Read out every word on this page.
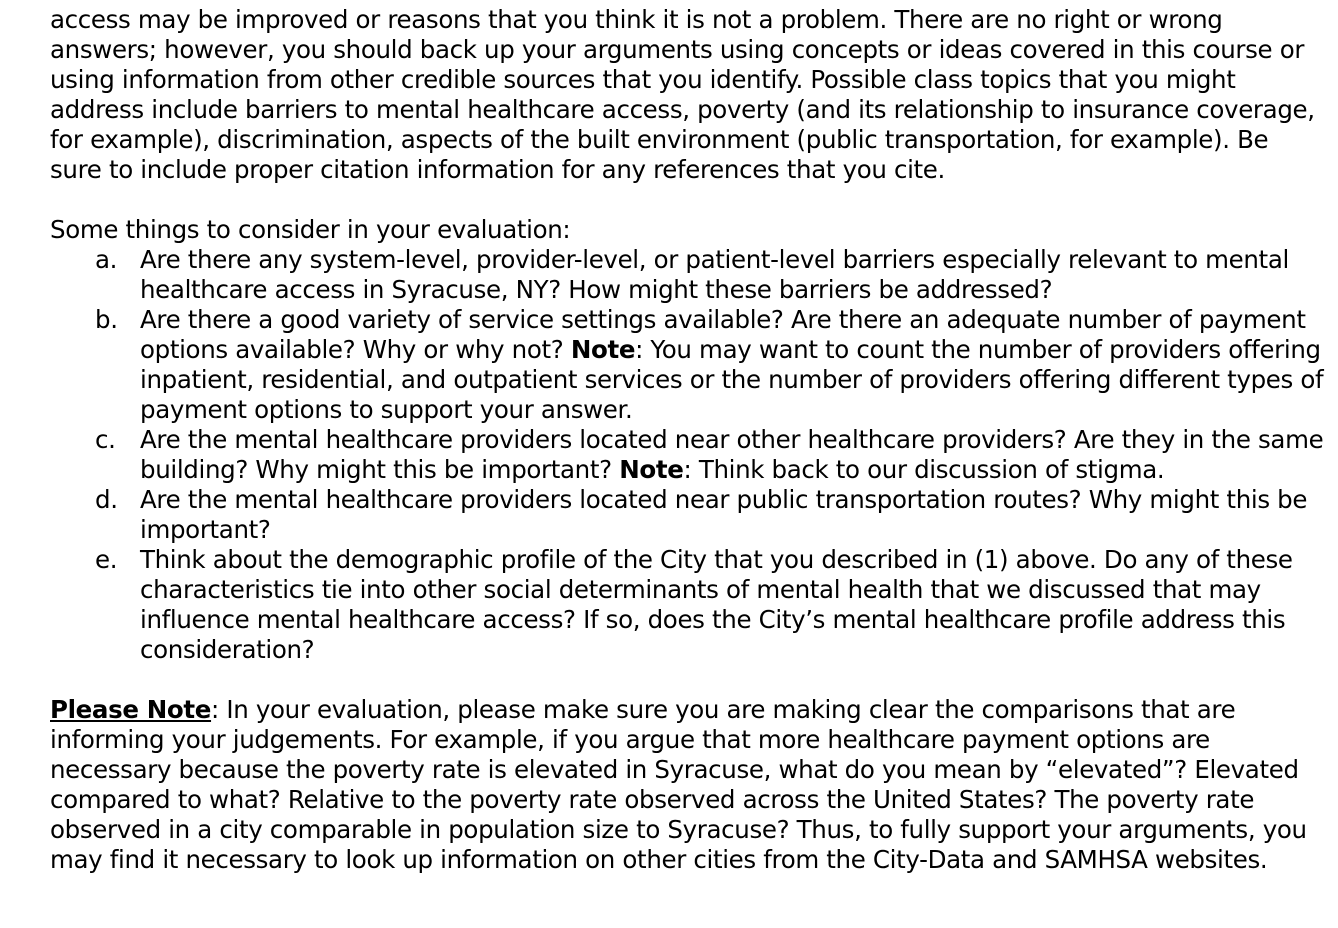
access may be improved or reasons that you think it is not a problem. There are no right or wrong answers; however, you should back up your arguments using concepts or ideas covered in this course or using information from other credible sources that you identify. Possible class topics that you might address include barriers to mental healthcare access, poverty (and its relationship to insurance coverage, for example), discrimination, aspects of the built environment (public transportation, for example). Be sure to include proper citation information for any references that you cite.

Some things to consider in your evaluation:

a. Are there any system-level, provider-level, or patient-level barriers especially relevant to mental healthcare access in Syracuse, NY? How might these barriers be addressed?
b. Are there a good variety of service settings available? Are there an adequate number of payment options available? Why or why not? Note: You may want to count the number of providers offering inpatient, residential, and outpatient services or the number of providers offering different types of payment options to support your answer.
c. Are the mental healthcare providers located near other healthcare providers? Are they in the same building? Why might this be important? Note: Think back to our discussion of stigma.
d. Are the mental healthcare providers located near public transportation routes? Why might this be important?
e. Think about the demographic profile of the City that you described in (1) above. Do any of these characteristics tie into other social determinants of mental health that we discussed that may influence mental healthcare access? If so, does the City’s mental healthcare profile address this consideration?

Please Note: In your evaluation, please make sure you are making clear the comparisons that are informing your judgements. For example, if you argue that more healthcare payment options are necessary because the poverty rate is elevated in Syracuse, what do you mean by “elevated”? Elevated compared to what? Relative to the poverty rate observed across the United States? The poverty rate observed in a city comparable in population size to Syracuse? Thus, to fully support your arguments, you may find it necessary to look up information on other cities from the City-Data and SAMHSA websites.
